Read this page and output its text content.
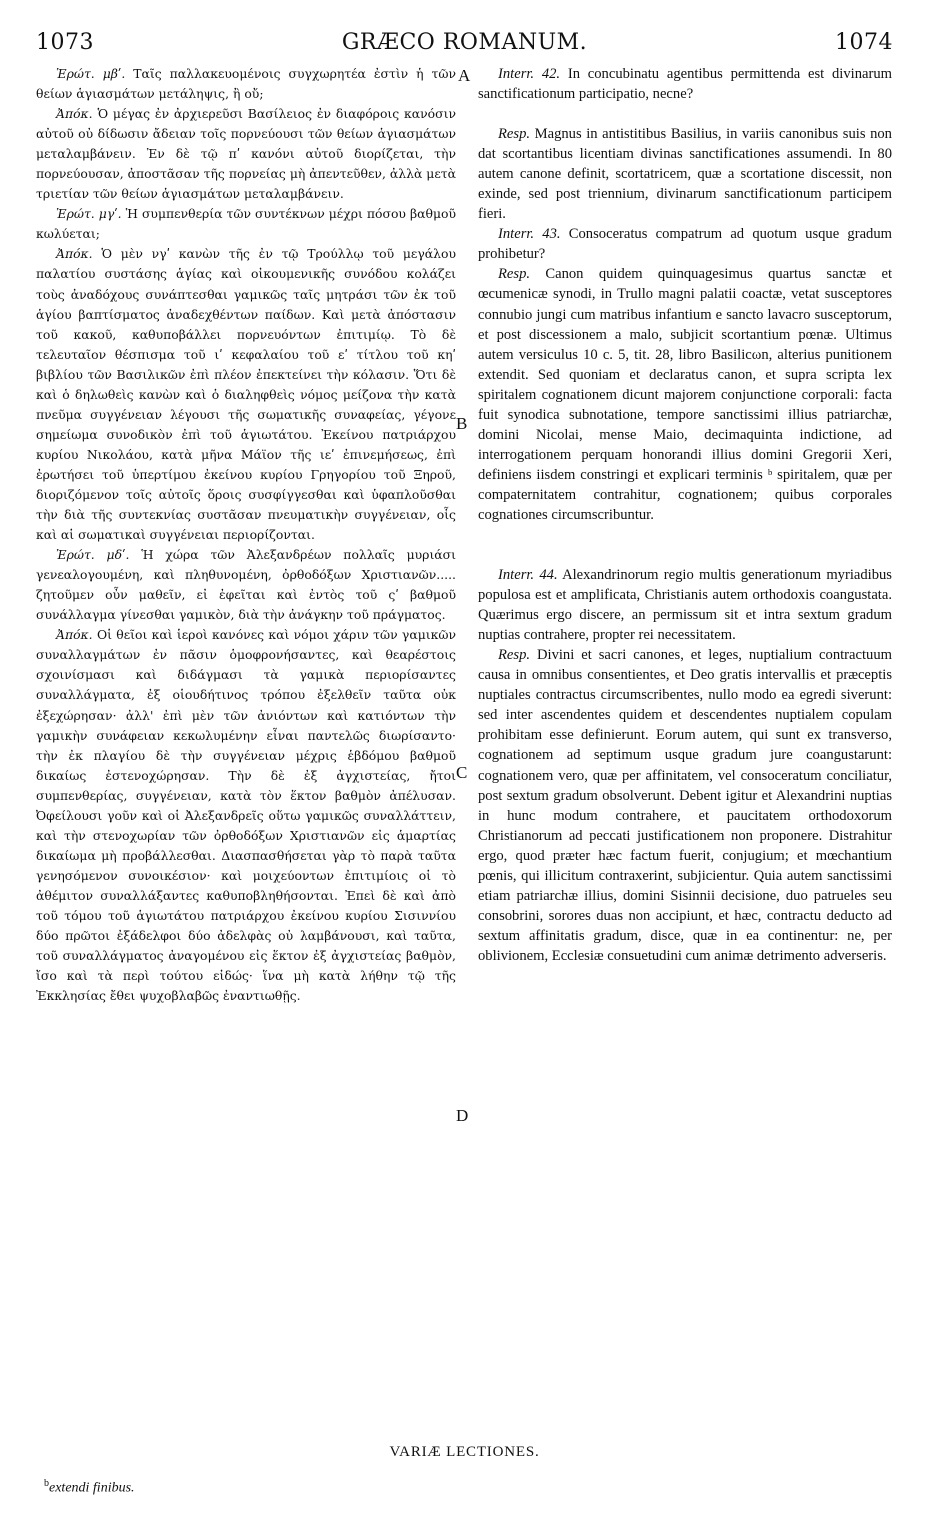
1073	GRÆCO ROMANUM.	1074
A
B
C
D

Ἐρώτ. μβʹ. Ταῖς παλλακευομένοις συγχωρητέα ἐστὶν ἡ τῶν θείων ἁγιασμάτων μετάληψις, ἢ οὔ;

Ἀπόκ. Ὁ μέγας ἐν ἀρχιερεῦσι Βασίλειος ἐν διαφόροις κανόσιν αὐτοῦ οὐ δίδωσιν ἄδειαν τοῖς πορνεύουσι τῶν θείων ἁγιασμάτων μεταλαμβάνειν. Ἐν δὲ τῷ πʹ κανόνι αὐτοῦ διορίζεται, τὴν πορνεύουσαν, ἀποστᾶσαν τῆς πορνείας μὴ ἀπεντεῦθεν, ἀλλὰ μετὰ τριετίαν τῶν θείων ἁγιασμάτων μεταλαμβάνειν.

Ἐρώτ. μγʹ. Ἡ συμπενθερία τῶν συντέκνων μέχρι πόσου βαθμοῦ κωλύεται;

Ἀπόκ. Ὁ μὲν νγʹ κανὼν τῆς ἐν τῷ Τρούλλῳ τοῦ μεγάλου παλατίου συστάσης ἁγίας καὶ οἰκουμενικῆς συνόδου κολάζει τοὺς ἀναδόχους συνάπτεσθαι γαμικῶς ταῖς μητράσι τῶν ἐκ τοῦ ἁγίου βαπτίσματος ἀναδεχθέντων παίδων. Καὶ μετὰ ἀπόστασιν τοῦ κακοῦ, καθυποβάλλει πορνευόντων ἐπιτιμίῳ. Τὸ δὲ τελευταῖον θέσπισμα τοῦ ιʹ κεφαλαίου τοῦ εʹ τίτλου τοῦ κηʹ βιβλίου τῶν Βασιλικῶν ἐπὶ πλέον ἐπεκτείνει τὴν κόλασιν. Ὅτι δὲ καὶ ὁ δηλωθεὶς κανὼν καὶ ὁ διαληφθεὶς νόμος μείζονα τὴν κατὰ πνεῦμα συγγένειαν λέγουσι τῆς σωματικῆς συναφείας, γέγονε σημείωμα συνοδικὸν ἐπὶ τοῦ ἁγιωτάτου. Ἐκείνου πατριάρχου κυρίου Νικολάου, κατὰ μῆνα Μάϊον τῆς ιεʹ ἐπινεμήσεως, ἐπὶ ἐρωτήσει τοῦ ὑπερτίμου ἐκείνου κυρίου Γρηγορίου τοῦ Ξηροῦ, διοριζόμενον τοῖς αὐτοῖς ὅροις συσφίγγεσθαι καὶ ὑφαπλοῦσθαι τὴν διὰ τῆς συντεκνίας συστᾶσαν πνευματικὴν συγγένειαν, οἷς καὶ αἱ σωματικαὶ συγγένειαι περιορίζονται.

Ἐρώτ. μδʹ. Ἡ χώρα τῶν Ἀλεξανδρέων πολλαῖς μυριάσι γενεαλογουμένη, καὶ πληθυνομένη, ὀρθοδόξων Χριστιανῶν..... ζητοῦμεν οὖν μαθεῖν, εἰ ἐφεῖται καὶ ἐντὸς τοῦ ςʹ βαθμοῦ συνάλλαγμα γίνεσθαι γαμικὸν, διὰ τὴν ἀνάγκην τοῦ πράγματος.

Ἀπόκ. Οἱ θεῖοι καὶ ἱεροὶ κανόνες καὶ νόμοι χάριν τῶν γαμικῶν συναλλαγμάτων ἐν πᾶσιν ὁμοφρονήσαντες, καὶ θεαρέστοις σχοινίσμασι καὶ διδάγμασι τὰ γαμικὰ περιορίσαντες συναλλάγματα, ἐξ οἱουδήτινος τρόπου ἐξελθεῖν ταῦτα οὐκ ἐξεχώρησαν· ἀλλ' ἐπὶ μὲν τῶν ἀνιόντων καὶ κατιόντων τὴν γαμικὴν συνάφειαν κεκωλυμένην εἶναι παντελῶς διωρίσαντο· τὴν ἐκ πλαγίου δὲ τὴν συγγένειαν μέχρις ἑβδόμου βαθμοῦ δικαίως ἐστενοχώρησαν. Τὴν δὲ ἐξ ἀγχιστείας, ἤτοι συμπενθερίας, συγγένειαν, κατὰ τὸν ἕκτον βαθμὸν ἀπέλυσαν. Ὀφείλουσι γοῦν καὶ οἱ Ἀλεξανδρεῖς οὕτω γαμικῶς συναλλάττειν, καὶ τὴν στενοχωρίαν τῶν ὀρθοδόξων Χριστιανῶν εἰς ἁμαρτίας δικαίωμα μὴ προβάλλεσθαι. Διασπασθήσεται γὰρ τὸ παρὰ ταῦτα γενησόμενον συνοικέσιον· καὶ μοιχεύοντων ἐπιτιμίοις οἱ τὸ ἀθέμιτον συναλλάξαντες καθυποβληθήσονται. Ἐπεὶ δὲ καὶ ἀπὸ τοῦ τόμου τοῦ ἁγιωτάτου πατριάρχου ἐκείνου κυρίου Σισιννίου δύο πρῶτοι ἐξάδελφοι δύο ἀδελφὰς οὐ λαμβάνουσι, καὶ ταῦτα, τοῦ συναλλάγματος ἀναγομένου εἰς ἕκτον ἐξ ἀγχιστείας βαθμὸν, ἴσο καὶ τὰ περὶ τούτου εἰδώς· ἵνα μὴ κατὰ λήθην τῷ τῆς Ἐκκλησίας ἔθει ψυχοβλαβῶς ἐναντιωθῇς.

Interr. 42. In concubinatu agentibus permittenda est divinarum sanctificationum participatio, necne?

Resp. Magnus in antistitibus Basilius, in variis canonibus suis non dat scortantibus licentiam divinas sanctificationes assumendi. In 80 autem canone definit, scortatricem, quæ a scortatione discessit, non exinde, sed post triennium, divinarum sanctificationum participem fieri.

Interr. 43. Consoceratus compatrum ad quotum usque gradum prohibetur?

Resp. Canon quidem quinquagesimus quartus sanctæ et œcumenicæ synodi, in Trullo magni palatii coactæ, vetat susceptores connubio jungi cum matribus infantium e sancto lavacro susceptorum, et post discessionem a malo, subjicit scortantium pœnæ. Ultimus autem versiculus 10 c. 5, tit. 28, libro Basilicωn, alterius punitionem extendit. Sed quoniam et declaratus canon, et supra scripta lex spiritalem cognationem dicunt majorem conjunctione corporali: facta fuit synodica subnotatione, tempore sanctissimi illius patriarchæ, domini Nicolai, mense Maio, decimaquinta indictione, ad interrogationem perquam honorandi illius domini Gregorii Xeri, definiens iisdem constringi et explicari terminis ᵇ spiritalem, quæ per compaternitatem contrahitur, cognationem; quibus corporales cognationes circumscribuntur.

Interr. 44. Alexandrinorum regio multis generationum myriadibus populosa est et amplificata, Christianis autem orthodoxis coangustata. Quærimus ergo discere, an permissum sit et intra sextum gradum nuptias contrahere, propter rei necessitatem.

Resp. Divini et sacri canones, et leges, nuptialium contractuum causa in omnibus consentientes, et Deo gratis intervallis et præceptis nuptiales contractus circumscribentes, nullo modo ea egredi siverunt: sed inter ascendentes quidem et descendentes nuptialem copulam prohibitam esse definierunt. Eorum autem, qui sunt ex transverso, cognationem ad septimum usque gradum jure coangustarunt: cognationem vero, quæ per affinitatem, vel consoceratum conciliatur, post sextum gradum obsolverunt. Debent igitur et Alexandrini nuptias in hunc modum contrahere, et paucitatem orthodoxorum Christianorum ad peccati justificationem non proponere. Distrahitur ergo, quod præter hæc factum fuerit, conjugium; et mœchantium pœnis, qui illicitum contraxerint, subjicientur. Quia autem sanctissimi etiam patriarchæ illius, domini Sisinnii decisione, duo patrueles seu consobrini, sorores duas non accipiunt, et hæc, contractu deducto ad sextum affinitatis gradum, disce, quæ in ea continentur: ne, per oblivionem, Ecclesiæ consuetudini cum animæ detrimento adverseris.

VARIÆ LECTIONES.
$^b$extendi finibus.
